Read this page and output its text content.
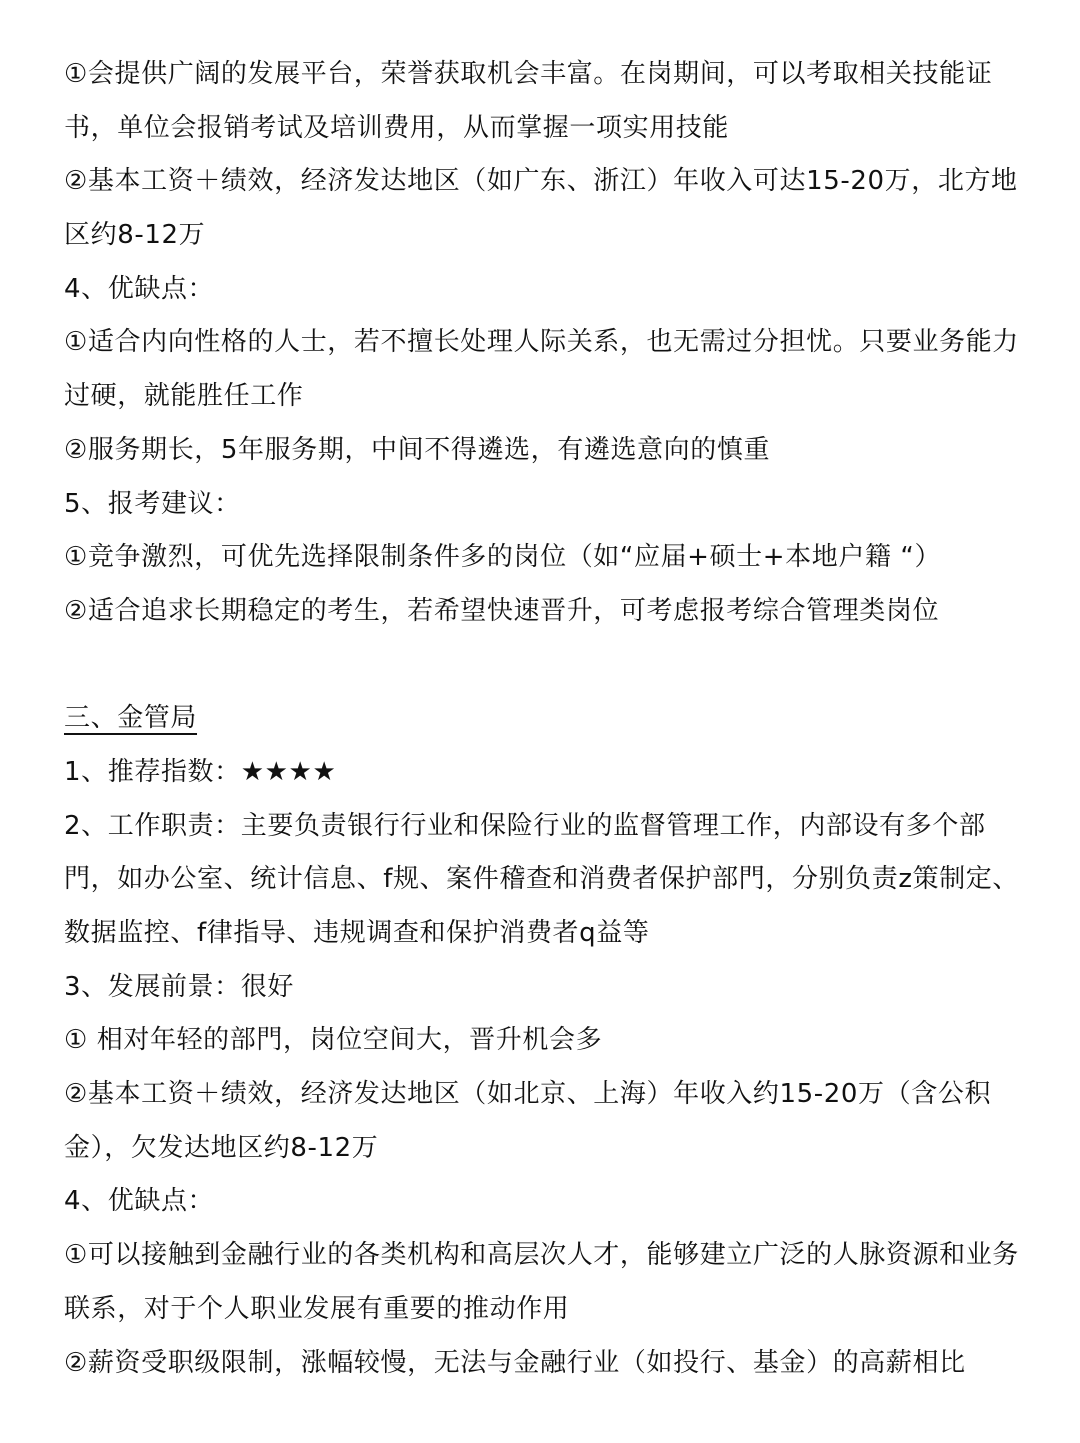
①会提供广阔的发展平台，荣誉获取机会丰富。在岗期间，可以考取相关技能证
书，单位会报销考试及培训费用，从而掌握一项实用技能
②基本工资＋绩效，经济发达地区（如广东、浙江）年收入可达15-20万，北方地
区约8-12万
4、优缺点：
①适合内向性格的人士，若不擅长处理人际关系，也无需过分担忧。只要业务能力
过硬，就能胜任工作
②服务期长，5年服务期，中间不得遴选，有遴选意向的慎重
5、报考建议：
①竞争激烈，可优先选择限制条件多的岗位（如“应届+硕士+本地户籍 “）
②适合追求长期稳定的考生，若希望快速晋升，可考虑报考综合管理类岗位
三、金管局
1、推荐指数：★★★★
2、工作职责：主要负责银行行业和保险行业的监督管理工作，内部设有多个部
門，如办公室、统计信息、f规、案件稽查和消费者保护部門，分别负责z策制定、
数据监控、f律指导、违规调查和保护消费者q益等
3、发展前景：很好
① 相对年轻的部門，岗位空间大，晋升机会多
②基本工资＋绩效，经济发达地区（如北京、上海）年收入约15-20万（含公积
金），欠发达地区约8-12万
4、优缺点：
①可以接触到金融行业的各类机构和高层次人才，能够建立广泛的人脉资源和业务
联系，对于个人职业发展有重要的推动作用
②薪资受职级限制，涨幅较慢，无法与金融行业（如投行、基金）的高薪相比
